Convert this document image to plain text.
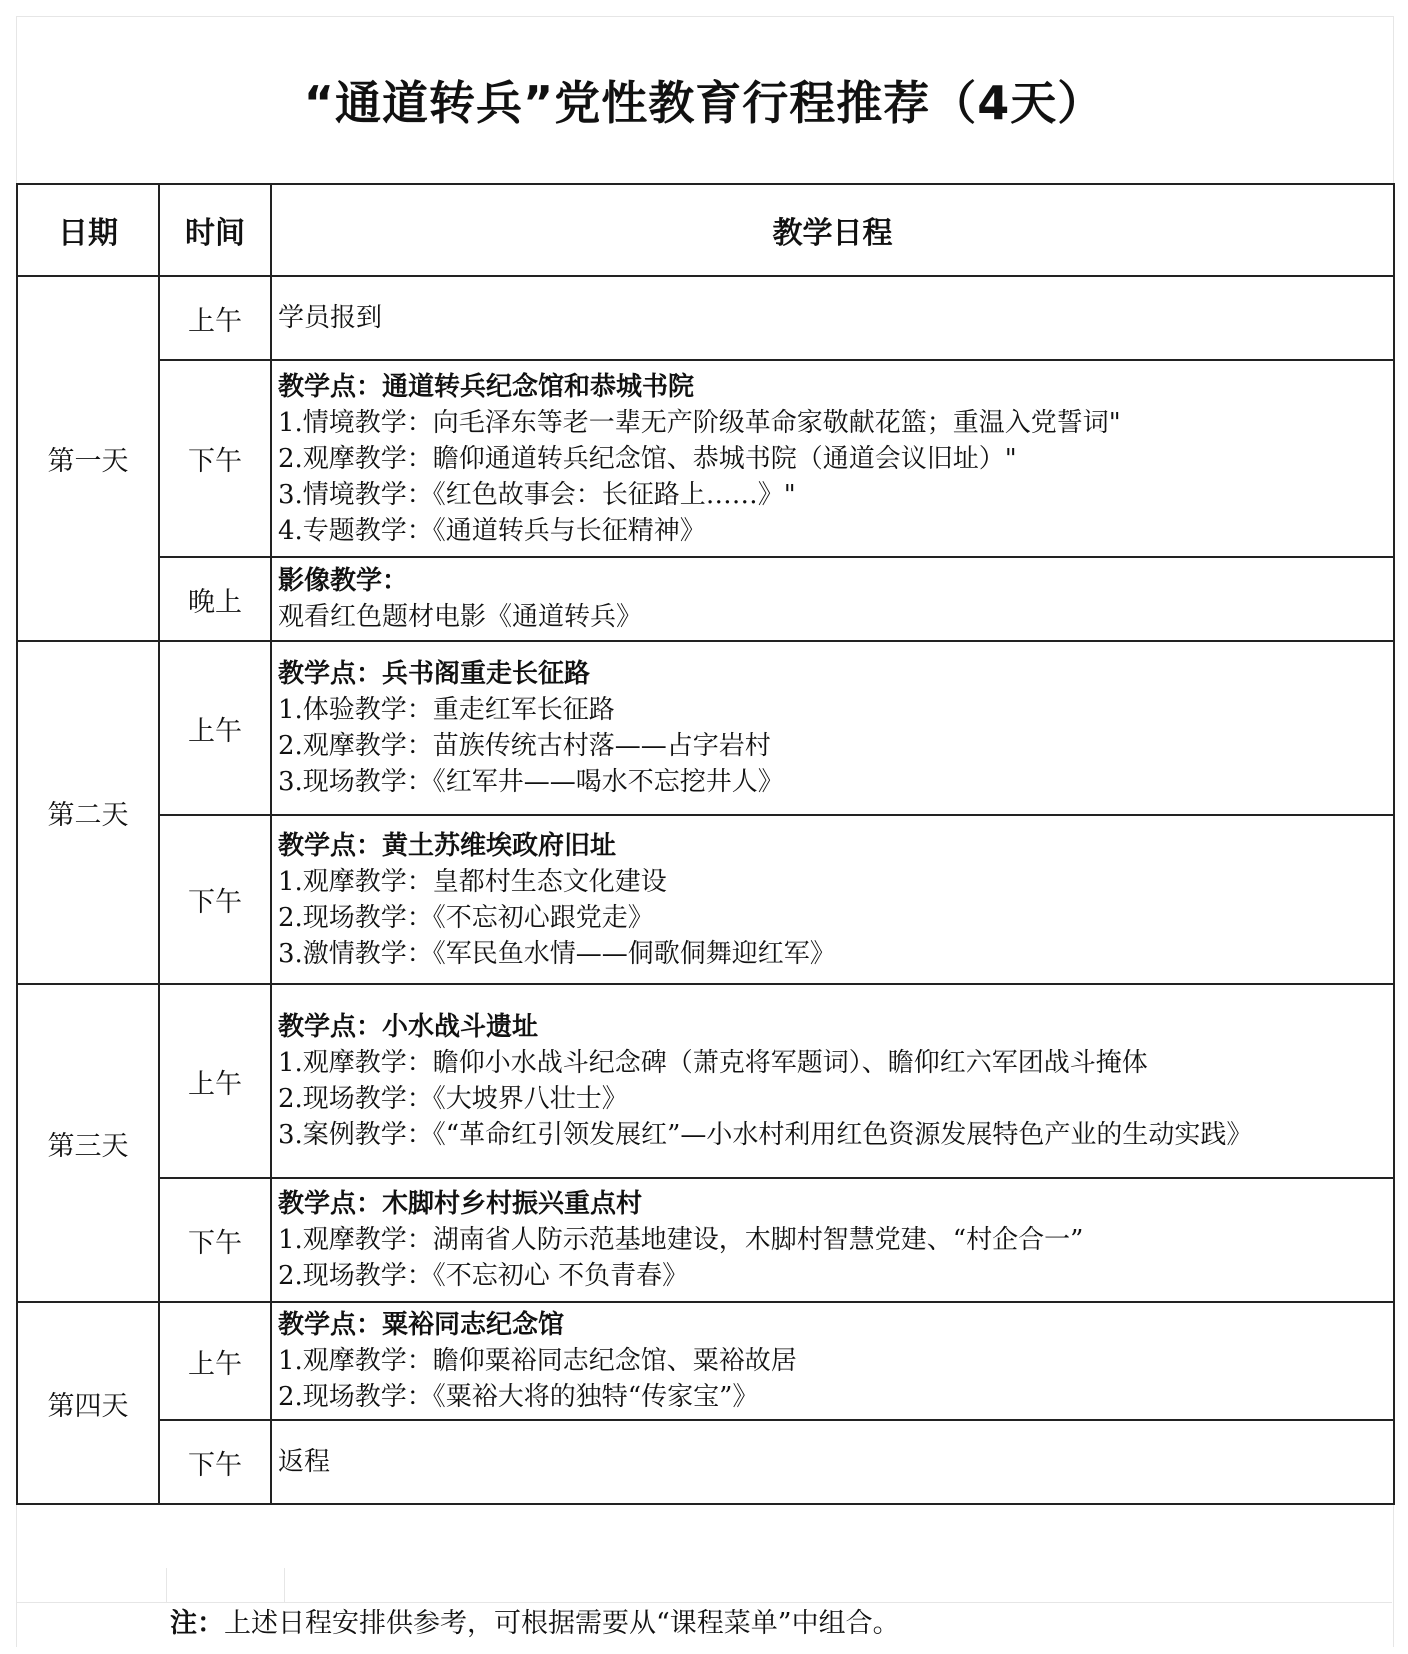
“通道转兵”党性教育行程推荐（4天）
日期	时间	教学日程
第一天	上午	学员报到

	下午	教学点：通道转兵纪念馆和恭城书院
1.情境教学：向毛泽东等老一辈无产阶级革命家敬献花篮；重温入党誓词"
2.观摩教学：瞻仰通道转兵纪念馆、恭城书院（通道会议旧址）"
3.情境教学：《红色故事会：长征路上……》"
4.专题教学：《通道转兵与长征精神》

	晚上	影像教学：
观看红色题材电影《通道转兵》

第二天	上午	教学点：兵书阁重走长征路
1.体验教学：重走红军长征路
2.观摩教学：苗族传统古村落——占字岩村
3.现场教学：《红军井——喝水不忘挖井人》

	下午	教学点：黄土苏维埃政府旧址
1.观摩教学：皇都村生态文化建设
2.现场教学：《不忘初心跟党走》
3.激情教学：《军民鱼水情——侗歌侗舞迎红军》

第三天	上午	教学点：小水战斗遗址
1.观摩教学：瞻仰小水战斗纪念碑（萧克将军题词）、瞻仰红六军团战斗掩体
2.现场教学：《大坡界八壮士》
3.案例教学：《“革命红引领发展红”—小水村利用红色资源发展特色产业的生动实践》

	下午	教学点：木脚村乡村振兴重点村
1.观摩教学：湖南省人防示范基地建设，木脚村智慧党建、“村企合一”
2.现场教学：《不忘初心 不负青春》

第四天	上午	教学点：粟裕同志纪念馆
1.观摩教学：瞻仰粟裕同志纪念馆、粟裕故居
2.现场教学：《粟裕大将的独特“传家宝”》

	下午	返程
注：上述日程安排供参考，可根据需要从“课程菜单”中组合。
